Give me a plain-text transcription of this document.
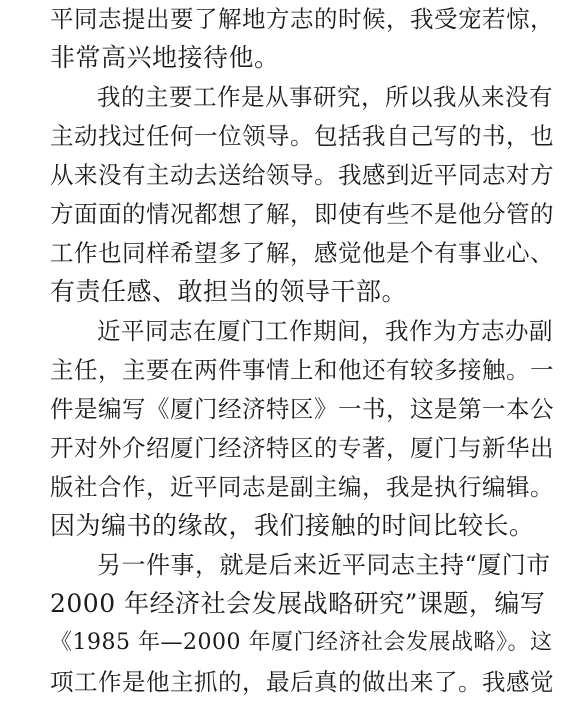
平同志提出要了解地方志的时候，我受宠若惊，
非常高兴地接待他。
我的主要工作是从事研究，所以我从来没有
主动找过任何一位领导。包括我自己写的书，也
从来没有主动去送给领导。我感到近平同志对方
方面面的情况都想了解，即使有些不是他分管的
工作也同样希望多了解，感觉他是个有事业心、
有责任感、敢担当的领导干部。
近平同志在厦门工作期间，我作为方志办副
主任，主要在两件事情上和他还有较多接触。一
件是编写《厦门经济特区》一书，这是第一本公
开对外介绍厦门经济特区的专著，厦门与新华出
版社合作，近平同志是副主编，我是执行编辑。
因为编书的缘故，我们接触的时间比较长。
另一件事，就是后来近平同志主持“厦门市
2000 年经济社会发展战略研究”课题，编写
《1985 年—2000 年厦门经济社会发展战略》。这
项工作是他主抓的，最后真的做出来了。我感觉
